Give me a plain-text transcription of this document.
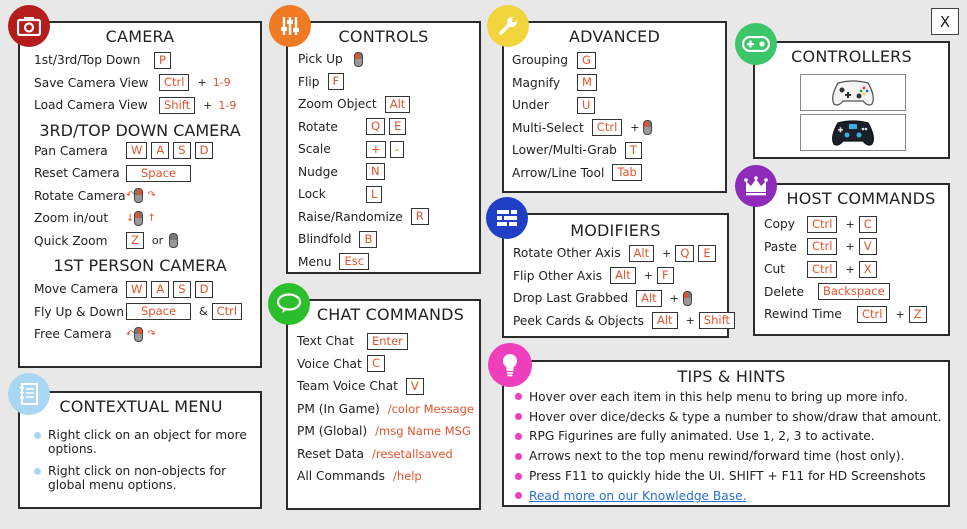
X
CAMERA
1st/3rd/Top Down	P
Save Camera View	Ctrl	+ 1-9
Load Camera View	Shift	+ 1-9
3RD/TOP DOWN CAMERA
Pan Camera	W	A	S	D
Reset Camera	Space
Rotate Camera ↶ ↷
Zoom in/out	↓ ↑
Quick Zoom	Z	or
1ST PERSON CAMERA
Move Camera	W	A	S	D
Fly Up & Down	Space	& Ctrl
Free Camera	↶ ↷
CONTROLS
Pick Up
Flip	F
Zoom Object	Alt
Rotate	Q	E
Scale	+	-
Nudge	N
Lock	L
Raise/Randomize	R
Blindfold	B
Menu	Esc
ADVANCED
Grouping	G
Magnify	M
Under	U
Multi-Select	Ctrl	+
Lower/Multi-Grab	T
Arrow/Line Tool	Tab
CONTROLLERS
MODIFIERS
Rotate Other Axis	Alt	+ Q	E
Flip Other Axis	Alt	+ F
Drop Last Grabbed	Alt	+
Peek Cards & Objects	Alt	+ Shift
HOST COMMANDS
Copy	Ctrl	+ C
Paste	Ctrl	+ V
Cut	Ctrl	+ X
Delete	Backspace
Rewind Time	Ctrl	+ Z
CHAT COMMANDS
Text Chat	Enter
Voice Chat C
Team Voice Chat	V
PM (In Game) /color Message
PM (Global) /msg Name MSG
Reset Data /resetallsaved
All Commands /help
CONTEXTUAL MENU
Right click on an object for more options.
Right click on non-objects for global menu options.
TIPS & HINTS
Hover over each item in this help menu to bring up more info.
Hover over dice/decks & type a number to show/draw that amount.
RPG Figurines are fully animated. Use 1, 2, 3 to activate.
Arrows next to the top menu rewind/forward time (host only).
Press F11 to quickly hide the UI. SHIFT + F11 for HD Screenshots
Read more on our Knowledge Base.
